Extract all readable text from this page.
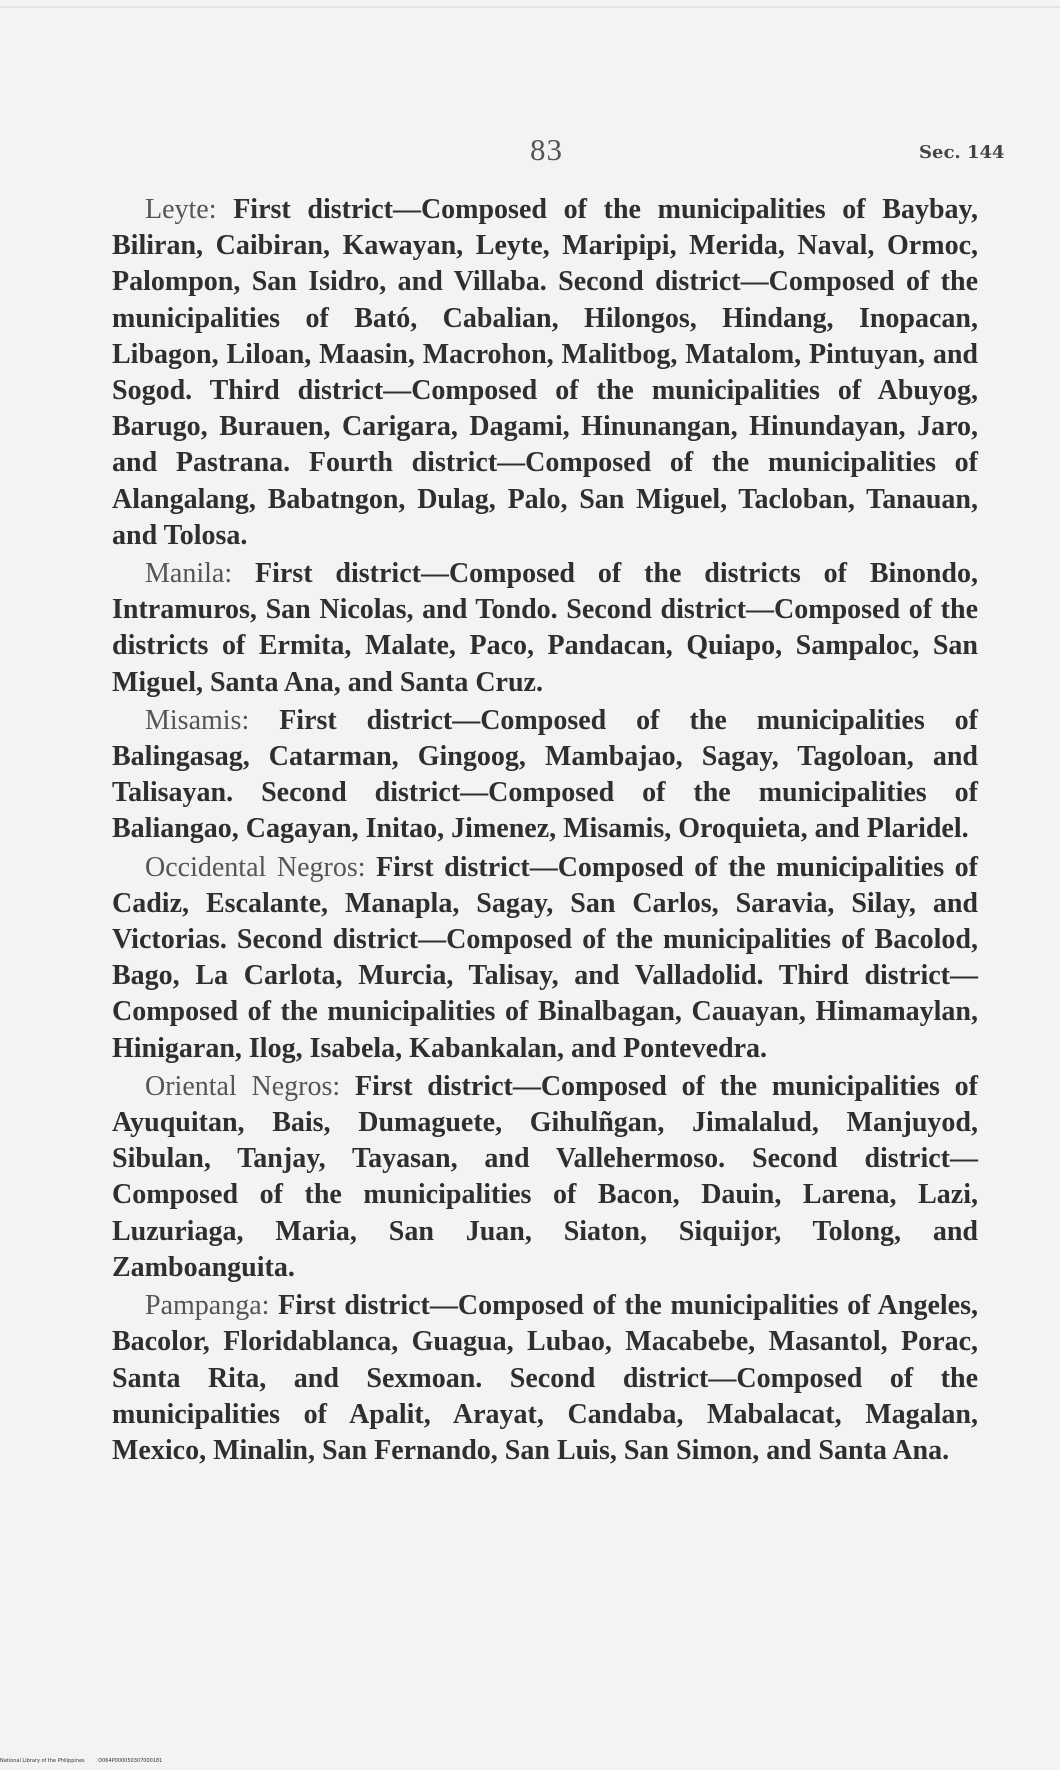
83	Sec. 144

Leyte: First district—Composed of the municipalities of Baybay, Biliran, Caibiran, Kawayan, Leyte, Maripipi, Merida, Naval, Ormoc, Palompon, San Isidro, and Villaba. Second district—Composed of the municipalities of Bató, Cabalian, Hilongos, Hindang, Inopacan, Libagon, Liloan, Maasin, Macrohon, Malitbog, Matalom, Pintuyan, and Sogod. Third district—Composed of the municipalities of Abuyog, Barugo, Burauen, Carigara, Dagami, Hinunangan, Hinundayan, Jaro, and Pastrana. Fourth district—Composed of the municipalities of Alangalang, Babatngon, Dulag, Palo, San Miguel, Tacloban, Tanauan, and Tolosa.

Manila: First district—Composed of the districts of Binondo, Intramuros, San Nicolas, and Tondo. Second district—Composed of the districts of Ermita, Malate, Paco, Pandacan, Quiapo, Sampaloc, San Miguel, Santa Ana, and Santa Cruz.

Misamis: First district—Composed of the municipalities of Balingasag, Catarman, Gingoog, Mambajao, Sagay, Tagoloan, and Talisayan. Second district—Composed of the municipalities of Baliangao, Cagayan, Initao, Jimenez, Misamis, Oroquieta, and Plaridel.

Occidental Negros: First district—Composed of the municipalities of Cadiz, Escalante, Manapla, Sagay, San Carlos, Saravia, Silay, and Victorias. Second district—Composed of the municipalities of Bacolod, Bago, La Carlota, Murcia, Talisay, and Valladolid. Third district—Composed of the municipalities of Binalbagan, Cauayan, Himamaylan, Hinigaran, Ilog, Isabela, Kabankalan, and Pontevedra.

Oriental Negros: First district—Composed of the municipalities of Ayuquitan, Bais, Dumaguete, Gihulñgan, Jimalalud, Manjuyod, Sibulan, Tanjay, Tayasan, and Vallehermoso. Second district—Composed of the municipalities of Bacon, Dauin, Larena, Lazi, Luzuriaga, Maria, San Juan, Siaton, Siquijor, Tolong, and Zamboanguita.

Pampanga: First district—Composed of the municipalities of Angeles, Bacolor, Floridablanca, Guagua, Lubao, Macabebe, Masantol, Porac, Santa Rita, and Sexmoan. Second district—Composed of the municipalities of Apalit, Arayat, Candaba, Mabalacat, Magalan, Mexico, Minalin, San Fernando, San Luis, San Simon, and Santa Ana.

National Library of the Philippines	D064P000050307000181
